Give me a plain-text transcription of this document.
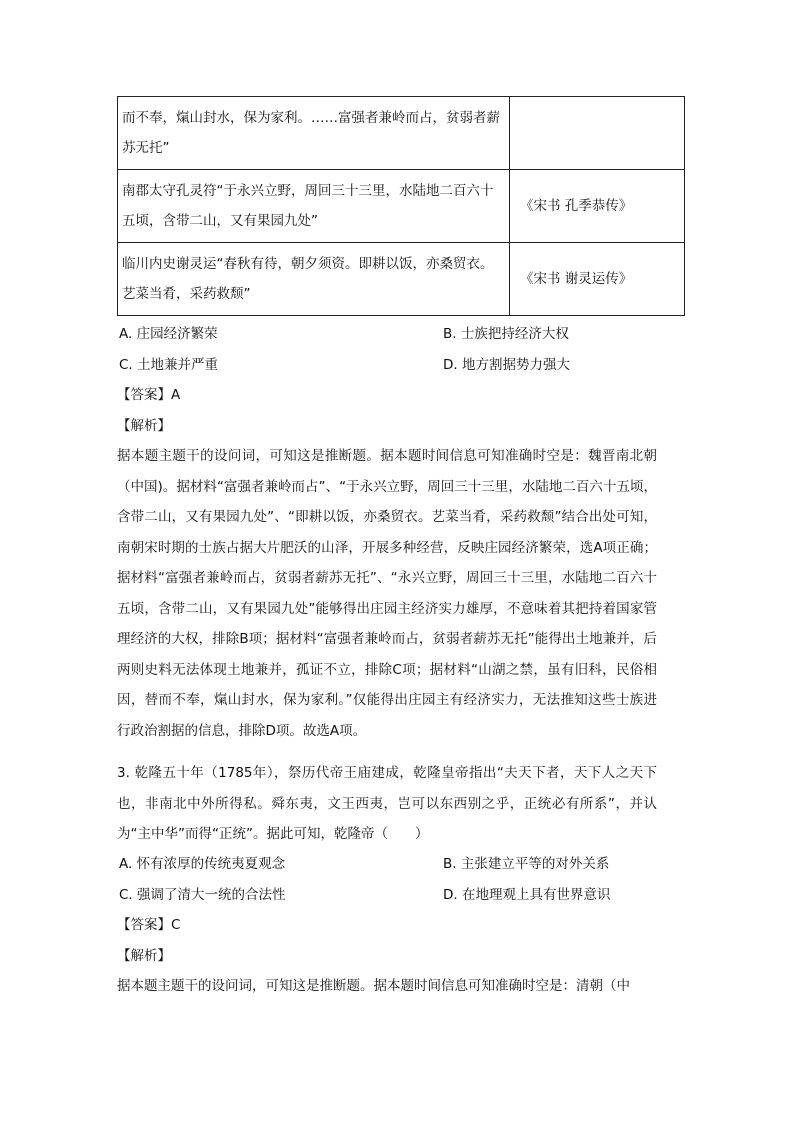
而不奉，熂山封水，保为家利。……富强者兼岭而占，贫弱者薪苏无托”	
南郡太守孔灵符“于永兴立野，周回三十三里，水陆地二百六十五顷，含带二山，又有果园九处”	《宋书 孔季恭传》
临川内史谢灵运“春秋有待，朝夕须资。即耕以饭，亦桑贸衣。艺菜当肴，采药救颓”	《宋书 谢灵运传》
A. 庄园经济繁荣	B. 士族把持经济大权
C. 土地兼并严重	D. 地方割据势力强大
【答案】A
【解析】
据本题主题干的设问词，可知这是推断题。据本题时间信息可知准确时空是：魏晋南北朝（中国)。据材料“富强者兼岭而占”、“于永兴立野，周回三十三里，水陆地二百六十五顷，含带二山，又有果园九处”、“即耕以饭，亦桑贸衣。艺菜当肴，采药救颓”结合出处可知，南朝宋时期的士族占据大片肥沃的山泽，开展多种经营，反映庄园经济繁荣，选A项正确；据材料“富强者兼岭而占，贫弱者薪苏无托”、“永兴立野，周回三十三里，水陆地二百六十五顷，含带二山，又有果园九处”能够得出庄园主经济实力雄厚，不意味着其把持着国家管理经济的大权，排除B项；据材料“富强者兼岭而占，贫弱者薪苏无托”能得出土地兼并，后两则史料无法体现土地兼并，孤证不立，排除C项；据材料“山湖之禁，虽有旧科，民俗相因，替而不奉，熂山封水，保为家利。”仅能得出庄园主有经济实力，无法推知这些士族进行政治割据的信息，排除D项。故选A项。
3. 乾隆五十年（1785年），祭历代帝王庙建成，乾隆皇帝指出“夫天下者，天下人之天下也，非南北中外所得私。舜东夷，文王西夷，岂可以东西别之乎，正统必有所系”，并认为“主中华”而得“正统”。据此可知，乾隆帝（　　）
A. 怀有浓厚的传统夷夏观念	B. 主张建立平等的对外关系
C. 强调了清大一统的合法性	D. 在地理观上具有世界意识
【答案】C
【解析】
据本题主题干的设问词，可知这是推断题。据本题时间信息可知准确时空是：清朝（中
